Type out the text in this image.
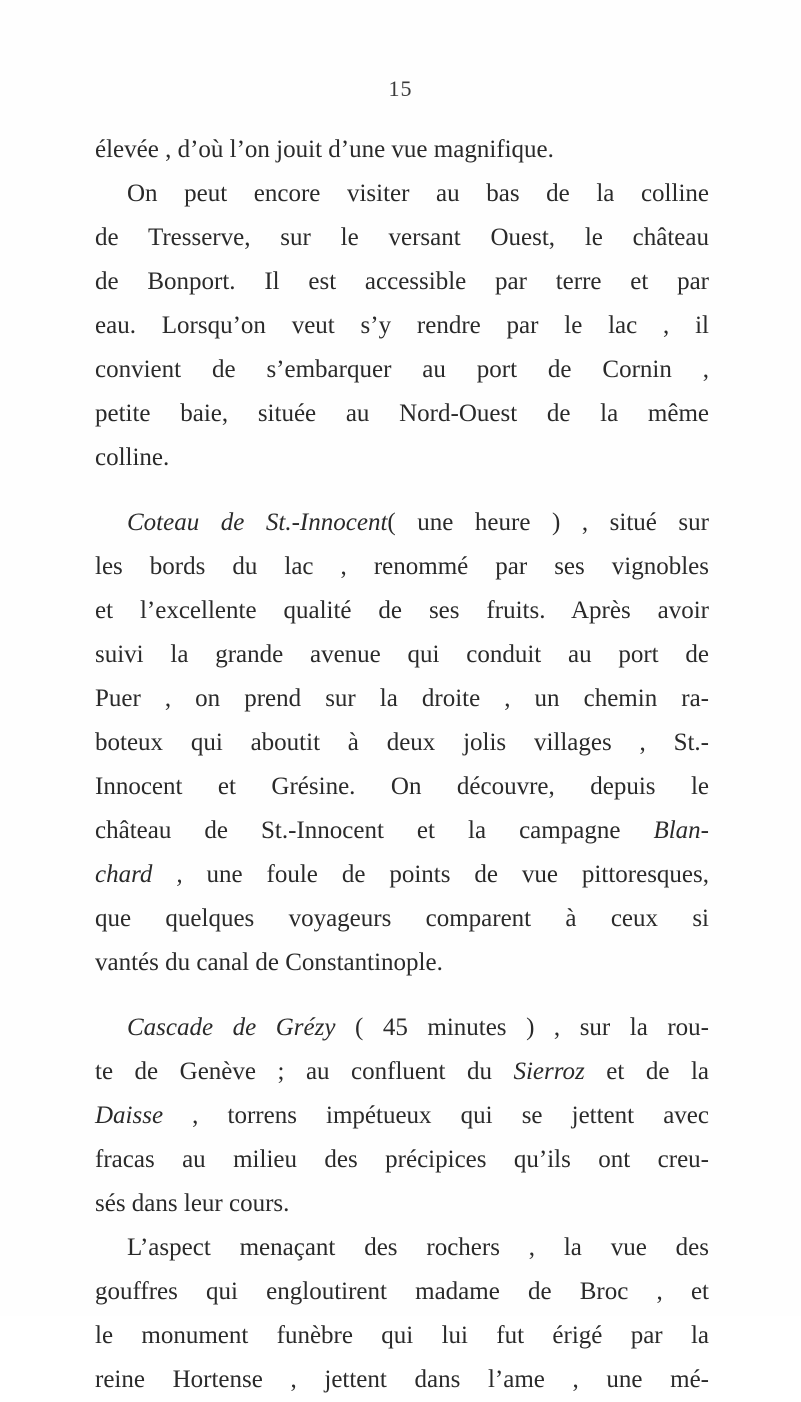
15
élevée , d’où l’on jouit d’une vue magnifique.
On peut encore visiter au bas de la colline
de Tresserve, sur le versant Ouest, le château
de Bonport. Il est accessible par terre et par
eau. Lorsqu’on veut s’y rendre par le lac , il
convient de s’embarquer au port de Cornin ,
petite baie, située au Nord-Ouest de la même
colline.
Coteau de St.-Innocent( une heure ) , situé sur
les bords du lac , renommé par ses vignobles
et l’excellente qualité de ses fruits. Après avoir
suivi la grande avenue qui conduit au port de
Puer , on prend sur la droite , un chemin ra-
boteux qui aboutit à deux jolis villages , St.-
Innocent et Grésine. On découvre, depuis le
château de St.-Innocent et la campagne Blan-
chard , une foule de points de vue pittoresques,
que quelques voyageurs comparent à ceux si
vantés du canal de Constantinople.
Cascade de Grézy ( 45 minutes ) , sur la rou-
te de Genève ; au confluent du Sierroz et de la
Daisse , torrens impétueux qui se jettent avec
fracas au milieu des précipices qu’ils ont creu-
sés dans leur cours.
L’aspect menaçant des rochers , la vue des
gouffres qui engloutirent madame de Broc , et
le monument funèbre qui lui fut érigé par la
reine Hortense , jettent dans l’ame , une mé-
